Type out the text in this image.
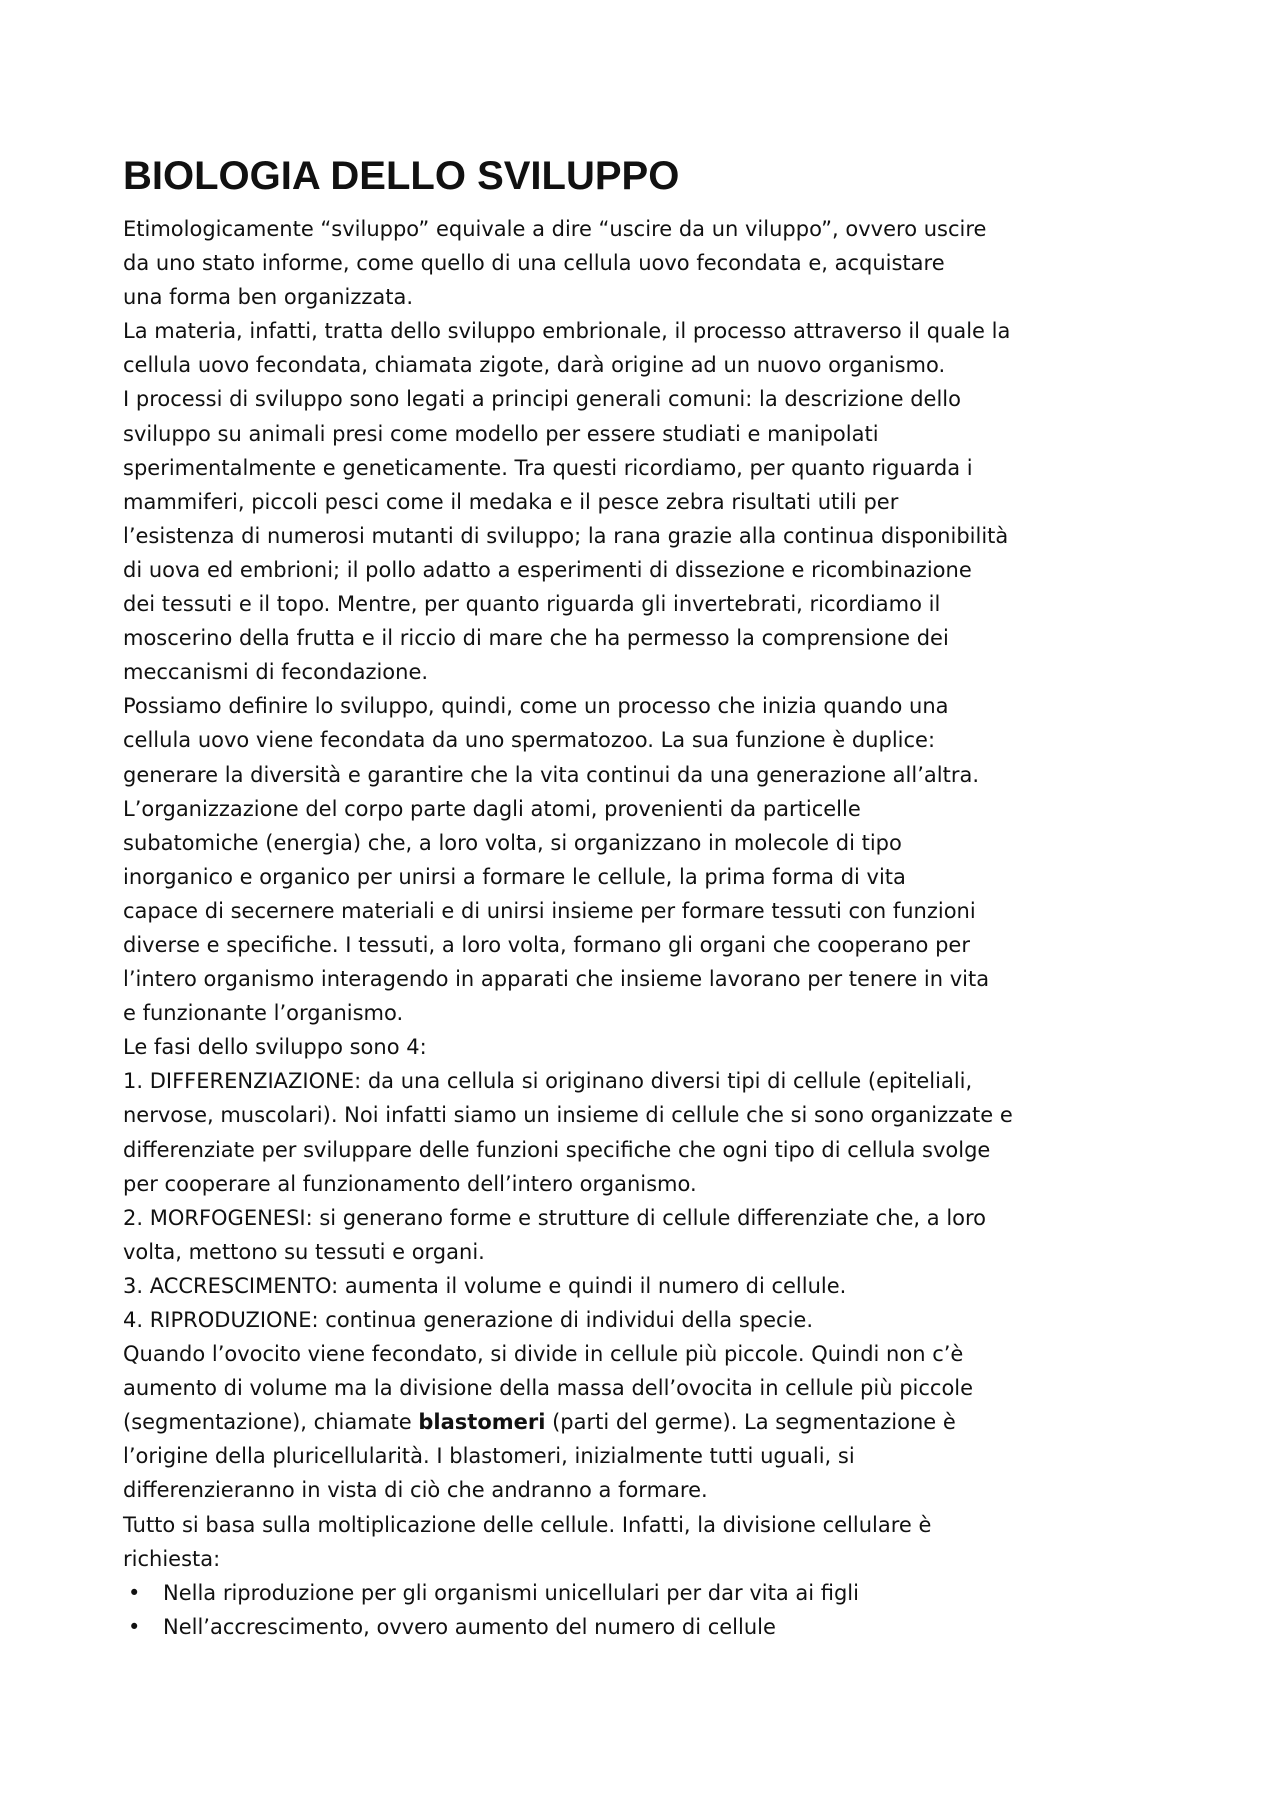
BIOLOGIA DELLO SVILUPPO
Etimologicamente “sviluppo” equivale a dire “uscire da un viluppo”, ovvero uscire
da uno stato informe, come quello di una cellula uovo fecondata e, acquistare
una forma ben organizzata.
La materia, infatti, tratta dello sviluppo embrionale, il processo attraverso il quale la
cellula uovo fecondata, chiamata zigote, darà origine ad un nuovo organismo.
I processi di sviluppo sono legati a principi generali comuni: la descrizione dello
sviluppo su animali presi come modello per essere studiati e manipolati
sperimentalmente e geneticamente. Tra questi ricordiamo, per quanto riguarda i
mammiferi, piccoli pesci come il medaka e il pesce zebra risultati utili per
l’esistenza di numerosi mutanti di sviluppo; la rana grazie alla continua disponibilità
di uova ed embrioni; il pollo adatto a esperimenti di dissezione e ricombinazione
dei tessuti e il topo. Mentre, per quanto riguarda gli invertebrati, ricordiamo il
moscerino della frutta e il riccio di mare che ha permesso la comprensione dei
meccanismi di fecondazione.
Possiamo definire lo sviluppo, quindi, come un processo che inizia quando una
cellula uovo viene fecondata da uno spermatozoo. La sua funzione è duplice:
generare la diversità e garantire che la vita continui da una generazione all’altra.
L’organizzazione del corpo parte dagli atomi, provenienti da particelle
subatomiche (energia) che, a loro volta, si organizzano in molecole di tipo
inorganico e organico per unirsi a formare le cellule, la prima forma di vita
capace di secernere materiali e di unirsi insieme per formare tessuti con funzioni
diverse e specifiche. I tessuti, a loro volta, formano gli organi che cooperano per
l’intero organismo interagendo in apparati che insieme lavorano per tenere in vita
e funzionante l’organismo.
Le fasi dello sviluppo sono 4:
1. DIFFERENZIAZIONE: da una cellula si originano diversi tipi di cellule (epiteliali,
nervose, muscolari). Noi infatti siamo un insieme di cellule che si sono organizzate e
differenziate per sviluppare delle funzioni specifiche che ogni tipo di cellula svolge
per cooperare al funzionamento dell’intero organismo.
2. MORFOGENESI: si generano forme e strutture di cellule differenziate che, a loro
volta, mettono su tessuti e organi.
3. ACCRESCIMENTO: aumenta il volume e quindi il numero di cellule.
4. RIPRODUZIONE: continua generazione di individui della specie.
Quando l’ovocito viene fecondato, si divide in cellule più piccole. Quindi non c’è
aumento di volume ma la divisione della massa dell’ovocita in cellule più piccole
(segmentazione), chiamate blastomeri (parti del germe). La segmentazione è
l’origine della pluricellularità. I blastomeri, inizialmente tutti uguali, si
differenzieranno in vista di ciò che andranno a formare.
Tutto si basa sulla moltiplicazione delle cellule. Infatti, la divisione cellulare è
richiesta:
• Nella riproduzione per gli organismi unicellulari per dar vita ai figli
• Nell’accrescimento, ovvero aumento del numero di cellule
